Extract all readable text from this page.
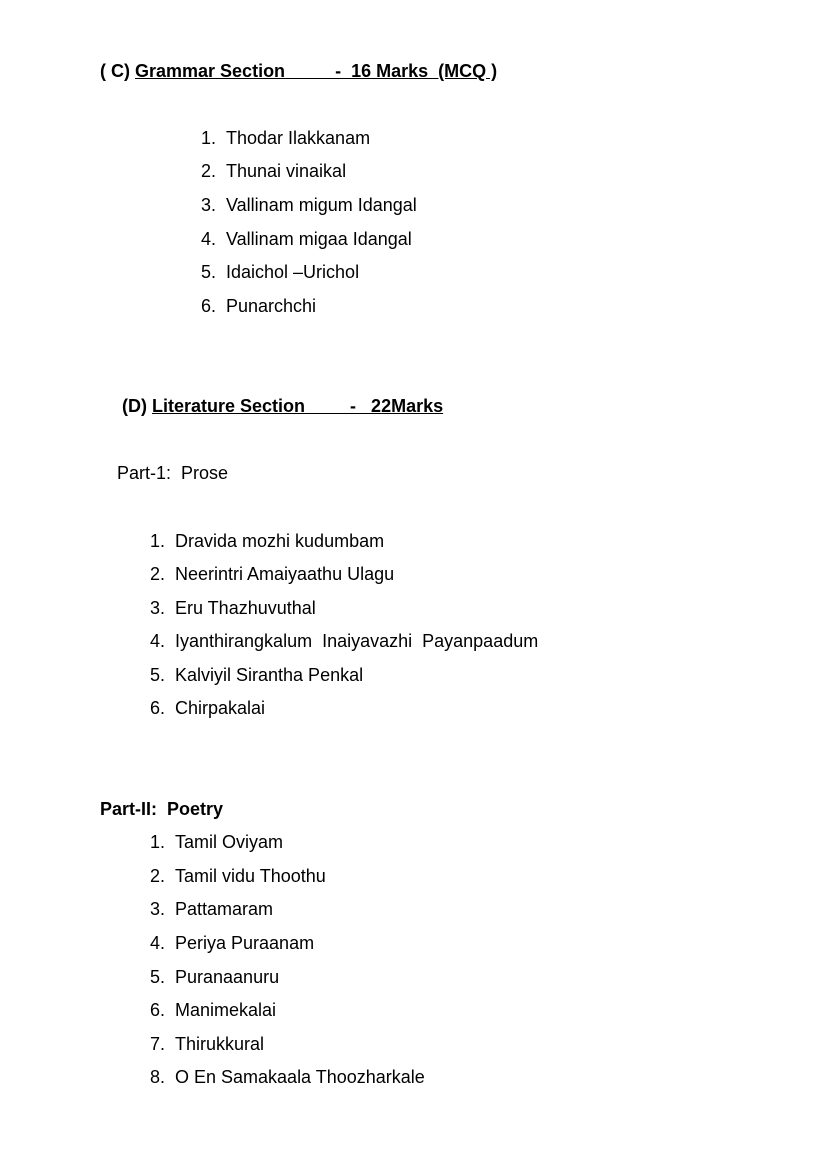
( C) Grammar Section          -  16 Marks  (MCQ )
1. Thodar Ilakkanam
2. Thunai vinaikal
3. Vallinam migum Idangal
4. Vallinam migaa Idangal
5. Idaichol –Urichol
6. Punarchchi
(D) Literature Section         -   22Marks
Part-1:  Prose
1. Dravida mozhi kudumbam
2. Neerintri Amaiyaathu Ulagu
3. Eru Thazhuvuthal
4. Iyanthirangkalum  Inaiyavazhi  Payanpaadum
5. Kalviyil Sirantha Penkal
6. Chirpakalai
Part-II:  Poetry
1. Tamil Oviyam
2. Tamil vidu Thoothu
3. Pattamaram
4. Periya Puraanam
5. Puranaanuru
6. Manimekalai
7. Thirukkural
8. O En Samakaala Thoozharkale
